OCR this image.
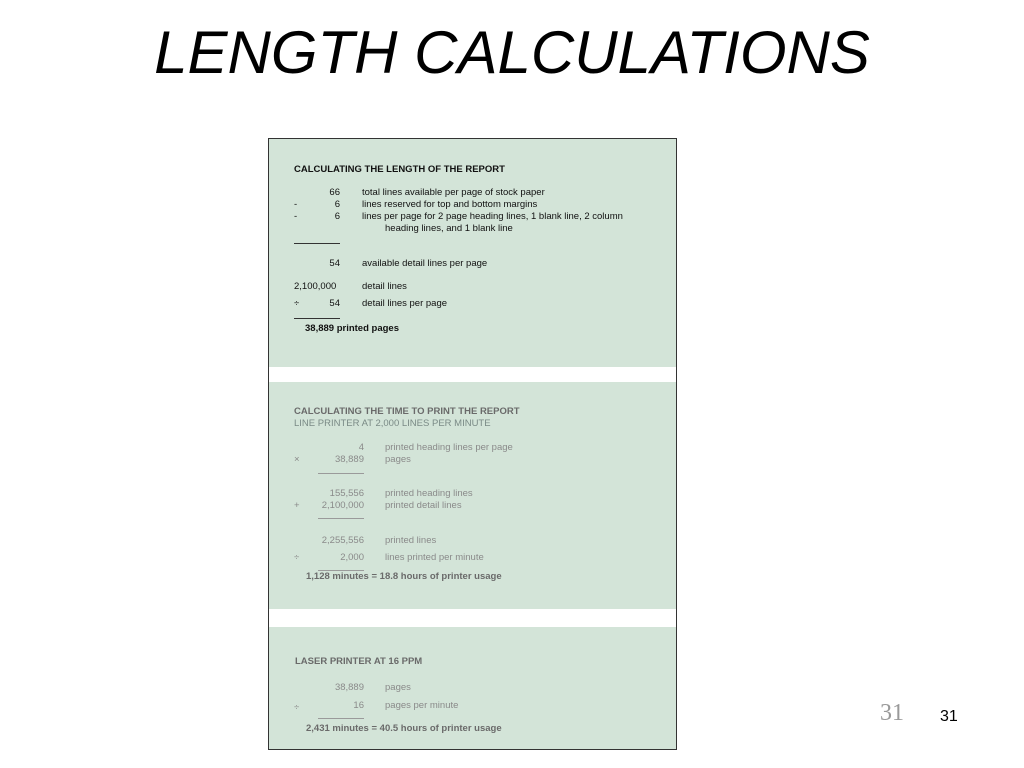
LENGTH CALCULATIONS
CALCULATING THE LENGTH OF THE REPORT
66 total lines available per page of stock paper
-	6 lines reserved for top and bottom margins
-	6 lines per page for 2 page heading lines, 1 blank line, 2 column
heading lines, and 1 blank line
54 available detail lines per page
2,100,000	detail lines
÷	54 detail lines per page
38,889 printed pages
CALCULATING THE TIME TO PRINT THE REPORT
LINE PRINTER AT 2,000 LINES PER MINUTE
4 printed heading lines per page
×	38,889 pages
155,556 printed heading lines
+	2,100,000 printed detail lines
2,255,556 printed lines
÷	2,000 lines printed per minute
1,128 minutes = 18.8 hours of printer usage
LASER PRINTER AT 16 PPM
38,889 pages
÷	16 pages per minute
2,431 minutes = 40.5 hours of printer usage
31 31
